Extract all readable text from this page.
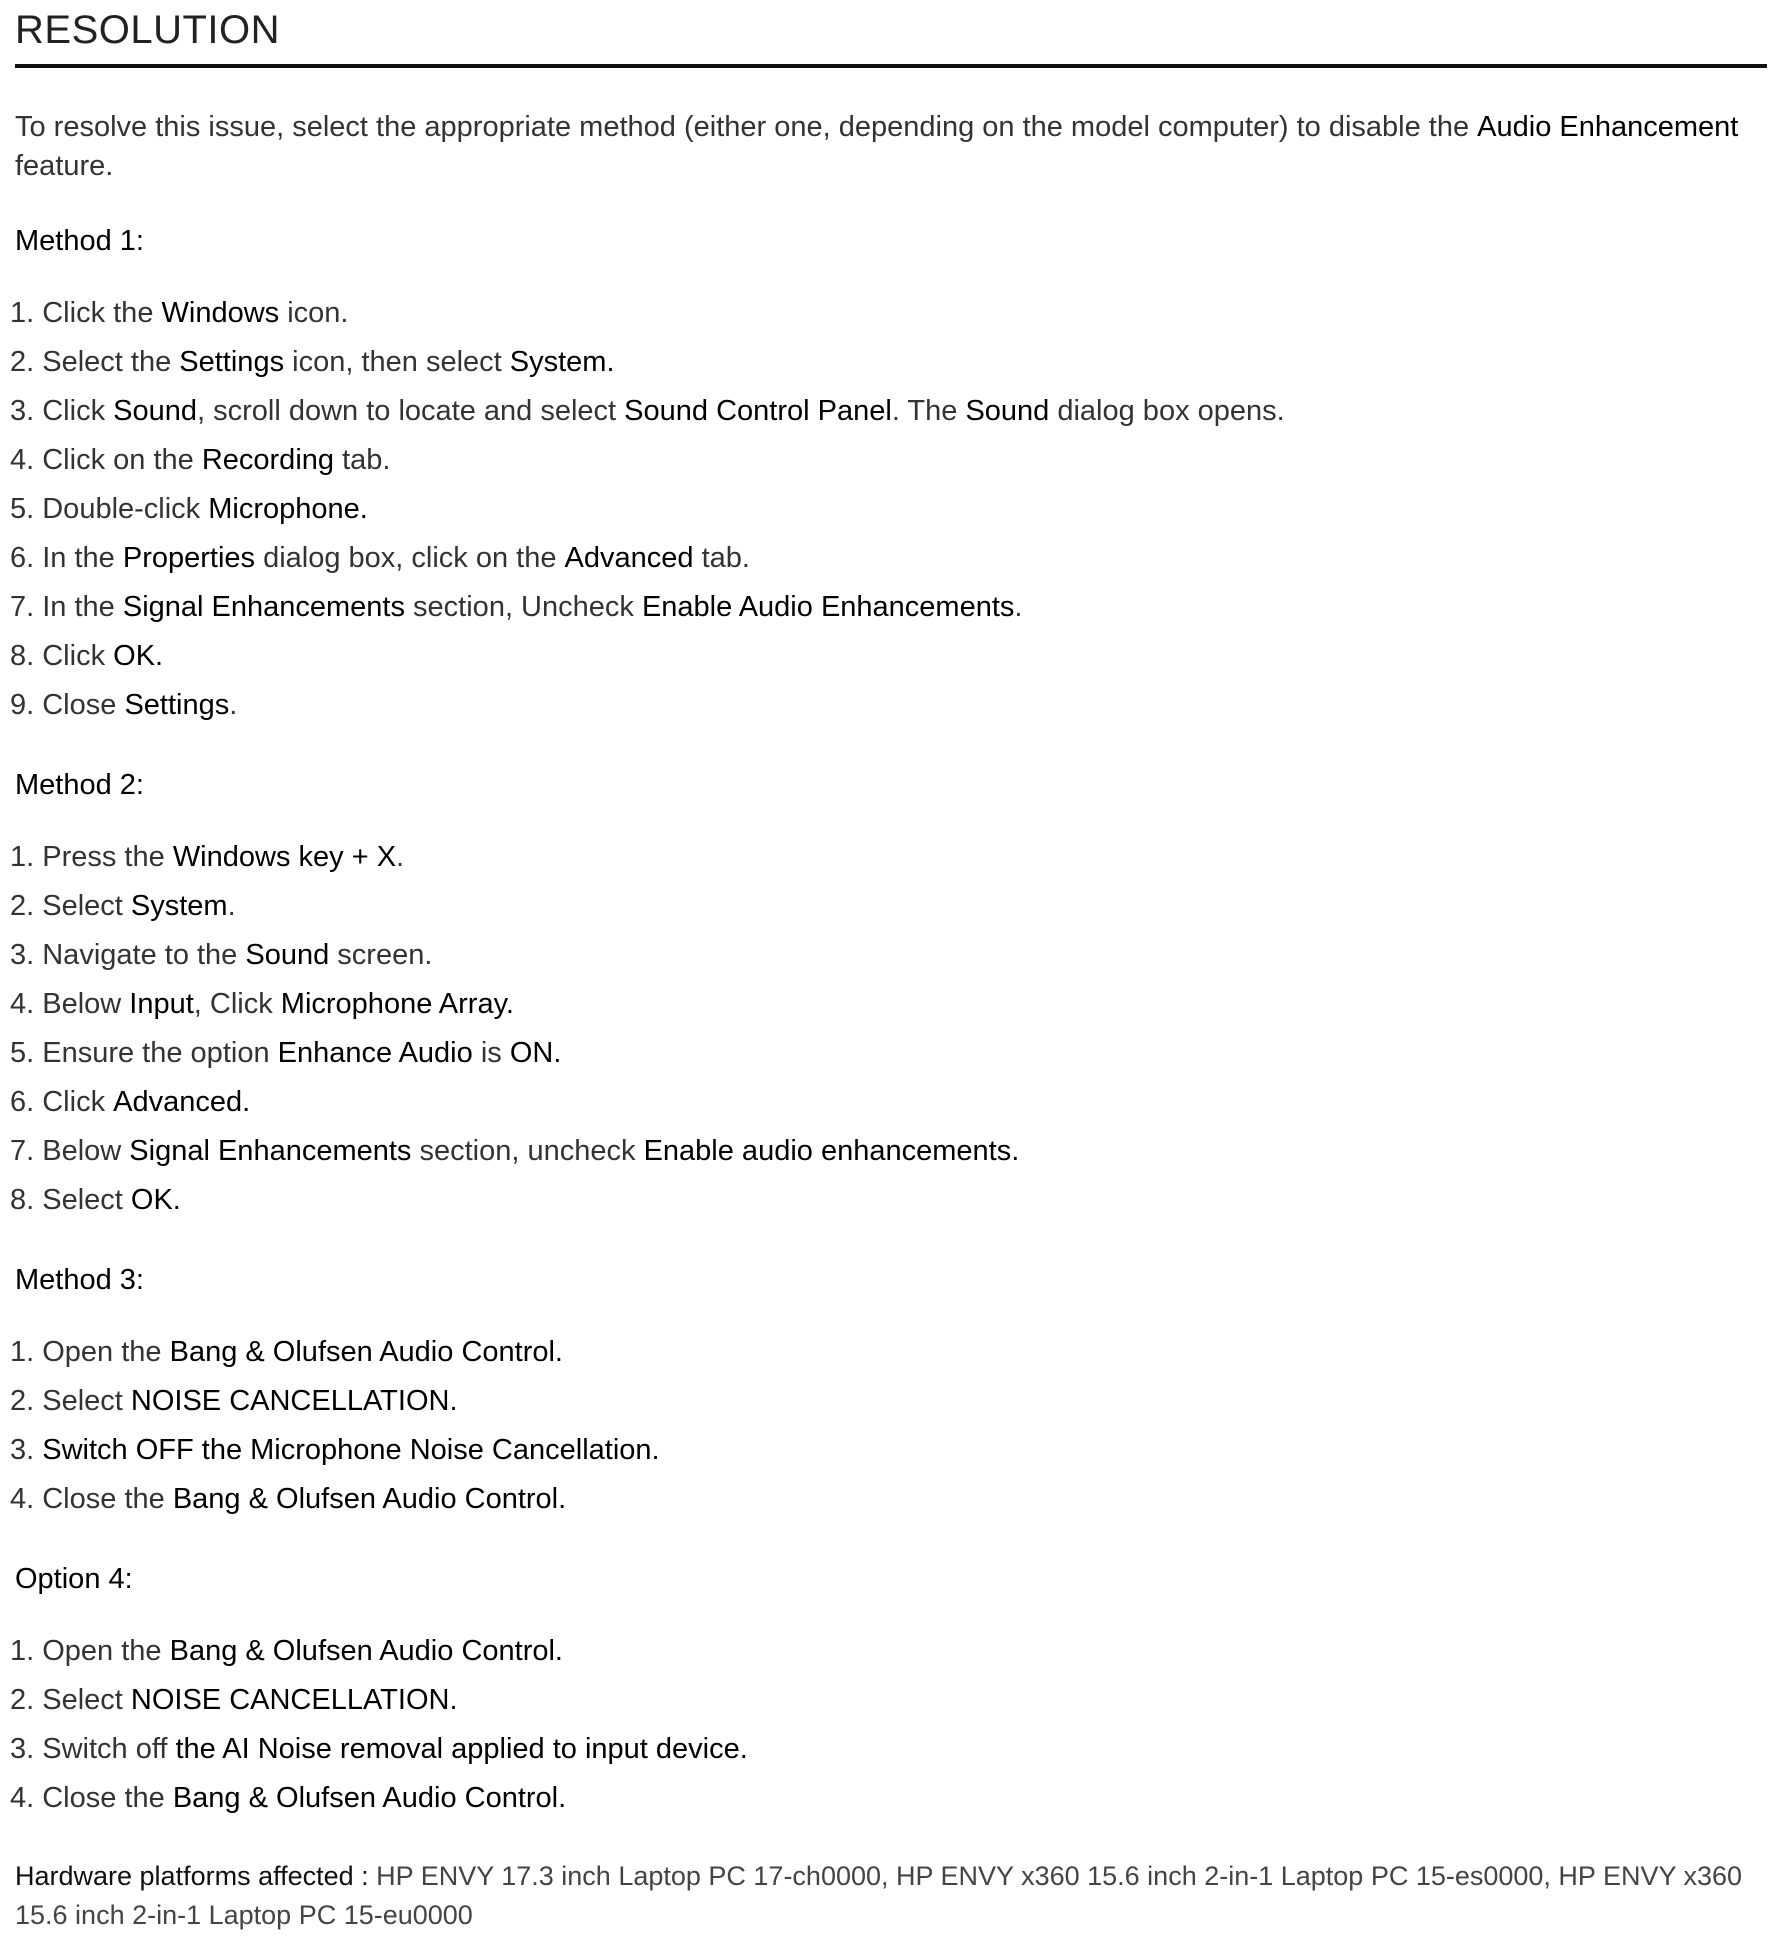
RESOLUTION

To resolve this issue, select the appropriate method (either one, depending on the model computer) to disable the Audio Enhancement feature.

Method 1:
1. Click the Windows icon.
2. Select the Settings icon, then select System.
3. Click Sound, scroll down to locate and select Sound Control Panel. The Sound dialog box opens.
4. Click on the Recording tab.
5. Double-click Microphone.
6. In the Properties dialog box, click on the Advanced tab.
7. In the Signal Enhancements section, Uncheck Enable Audio Enhancements.
8. Click OK.
9. Close Settings.
Method 2:
1. Press the Windows key + X.
2. Select System.
3. Navigate to the Sound screen.
4. Below Input, Click Microphone Array.
5. Ensure the option Enhance Audio is ON.
6. Click Advanced.
7. Below Signal Enhancements section, uncheck Enable audio enhancements.
8. Select OK.
Method 3:
1. Open the Bang & Olufsen Audio Control.
2. Select NOISE CANCELLATION.
3. Switch OFF the Microphone Noise Cancellation.
4. Close the Bang & Olufsen Audio Control.
Option 4:
1. Open the Bang & Olufsen Audio Control.
2. Select NOISE CANCELLATION.
3. Switch off the AI Noise removal applied to input device.
4. Close the Bang & Olufsen Audio Control.

Hardware platforms affected : HP ENVY 17.3 inch Laptop PC 17-ch0000, HP ENVY x360 15.6 inch 2-in-1 Laptop PC 15-es0000, HP ENVY x360 15.6 inch 2-in-1 Laptop PC 15-eu0000
